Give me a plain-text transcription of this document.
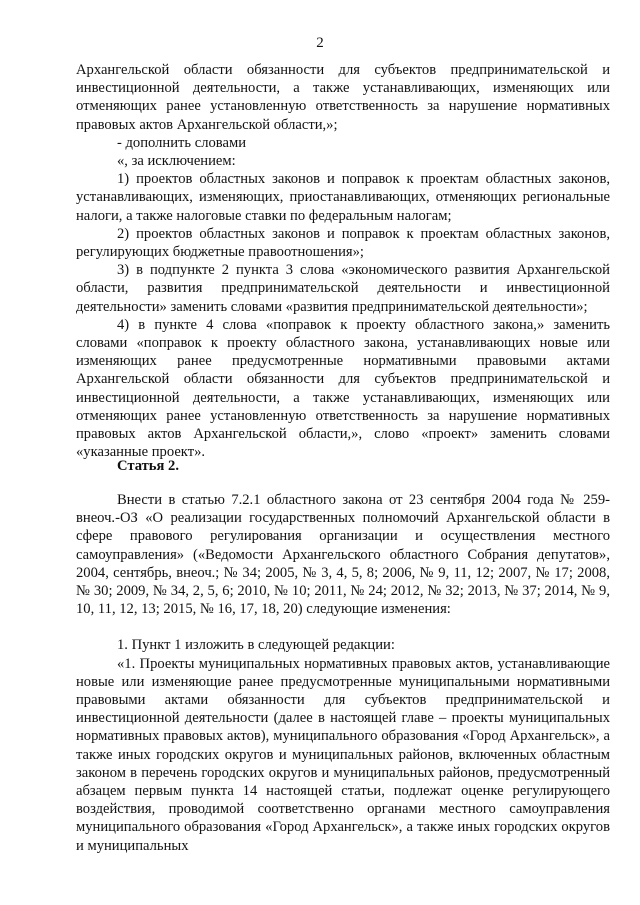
2

Архангельской области обязанности для субъектов предпринимательской и инвестиционной деятельности, а также устанавливающих, изменяющих или отменяющих ранее установленную ответственность за нарушение нормативных правовых актов Архангельской области,»;

- дополнить словами

«, за исключением:

1) проектов областных законов и поправок к проектам областных законов, устанавливающих, изменяющих, приостанавливающих, отменяющих региональные налоги, а также налоговые ставки по федеральным налогам;

2) проектов областных законов и поправок к проектам областных законов, регулирующих бюджетные правоотношения»;

3) в подпункте 2 пункта 3 слова «экономического развития Архангельской области, развития предпринимательской деятельности и инвестиционной деятельности» заменить словами «развития предпринимательской деятельности»;

4) в пункте 4 слова «поправок к проекту областного закона,» заменить словами «поправок к проекту областного закона, устанавливающих новые или изменяющих ранее предусмотренные нормативными правовыми актами Архангельской области обязанности для субъектов предпринимательской и инвестиционной деятельности, а также устанавливающих, изменяющих или отменяющих ранее установленную ответственность за нарушение нормативных правовых актов Архангельской области,», слово «проект» заменить словами «указанные проект».

Статья 2.

Внести в статью 7.2.1 областного закона от 23 сентября 2004 года № 259-внеоч.-ОЗ «О реализации государственных полномочий Архангельской области в сфере правового регулирования организации и осуществления местного самоуправления» («Ведомости Архангельского областного Собрания депутатов», 2004, сентябрь, внеоч.; № 34; 2005, № 3, 4, 5, 8; 2006, № 9, 11, 12; 2007, № 17; 2008, № 30; 2009, № 34, 2, 5, 6; 2010, № 10; 2011, № 24; 2012, № 32; 2013, № 37; 2014, № 9, 10, 11, 12, 13; 2015, № 16, 17, 18, 20) следующие изменения:

1. Пункт 1 изложить в следующей редакции:

«1. Проекты муниципальных нормативных правовых актов, устанавливающие новые или изменяющие ранее предусмотренные муниципальными нормативными правовыми актами обязанности для субъектов предпринимательской и инвестиционной деятельности (далее в настоящей главе – проекты муниципальных нормативных правовых актов), муниципального образования «Город Архангельск», а также иных городских округов и муниципальных районов, включенных областным законом в перечень городских округов и муниципальных районов, предусмотренный абзацем первым пункта 14 настоящей статьи, подлежат оценке регулирующего воздействия, проводимой соответственно органами местного самоуправления муниципального образования «Город Архангельск», а также иных городских округов и муниципальных
